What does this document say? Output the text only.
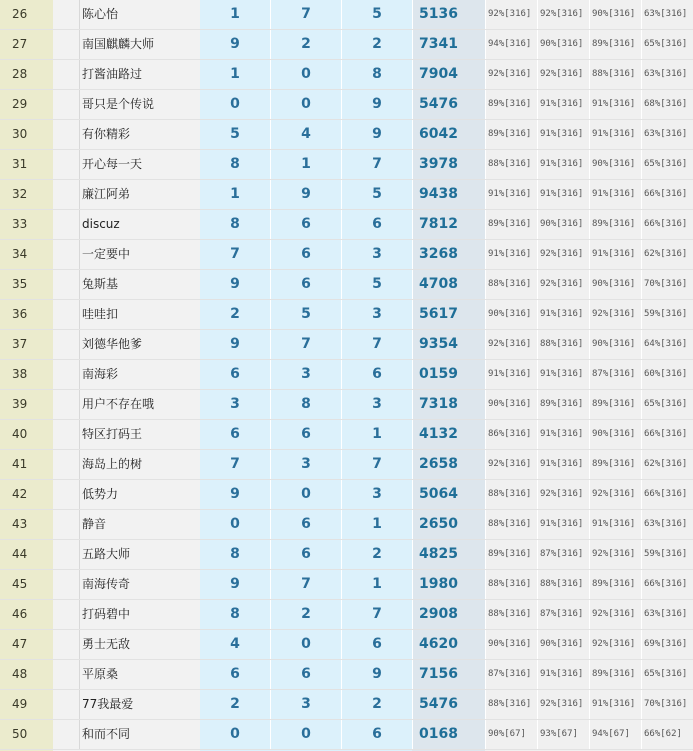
26	陈心怡	1	7	5	5136	92%[316] 92%[316] 90%[316] 63%[316]
27	南国麒麟大师	9	2	2	7341	94%[316] 90%[316] 89%[316] 65%[316]
28	打酱油路过	1	0	8	7904	92%[316] 92%[316] 88%[316] 63%[316]
29	哥只是个传说	0	0	9	5476	89%[316] 91%[316] 91%[316] 68%[316]
30	有你精彩	5	4	9	6042	89%[316] 91%[316] 91%[316] 63%[316]
31	开心每一天	8	1	7	3978	88%[316] 91%[316] 90%[316] 65%[316]
32	廉江阿弟	1	9	5	9438	91%[316] 91%[316] 91%[316] 66%[316]
33	discuz	8	6	6	7812	89%[316] 90%[316] 89%[316] 66%[316]
34	一定要中	7	6	3	3268	91%[316] 92%[316] 91%[316] 62%[316]
35	兔斯基	9	6	5	4708	88%[316] 92%[316] 90%[316] 70%[316]
36	哇哇扣	2	5	3	5617	90%[316] 91%[316] 92%[316] 59%[316]
37	刘德华他爹	9	7	7	9354	92%[316] 88%[316] 90%[316] 64%[316]
38	南海彩	6	3	6	0159	91%[316] 91%[316] 87%[316] 60%[316]
39	用户不存在哦	3	8	3	7318	90%[316] 89%[316] 89%[316] 65%[316]
40	特区打码王	6	6	1	4132	86%[316] 91%[316] 90%[316] 66%[316]
41	海岛上的树	7	3	7	2658	92%[316] 91%[316] 89%[316] 62%[316]
42	低势力	9	0	3	5064	88%[316] 92%[316] 92%[316] 66%[316]
43	静音	0	6	1	2650	88%[316] 91%[316] 91%[316] 63%[316]
44	五路大师	8	6	2	4825	89%[316] 87%[316] 92%[316] 59%[316]
45	南海传奇	9	7	1	1980	88%[316] 88%[316] 89%[316] 66%[316]
46	打码碧中	8	2	7	2908	88%[316] 87%[316] 92%[316] 63%[316]
47	勇士无敌	4	0	6	4620	90%[316] 90%[316] 92%[316] 69%[316]
48	平原桑	6	6	9	7156	87%[316] 91%[316] 89%[316] 65%[316]
49	77我最爱	2	3	2	5476	88%[316] 92%[316] 91%[316] 70%[316]
50	和而不同	0	0	6	0168	90%[67]	93%[67]	94%[67]	66%[62]
